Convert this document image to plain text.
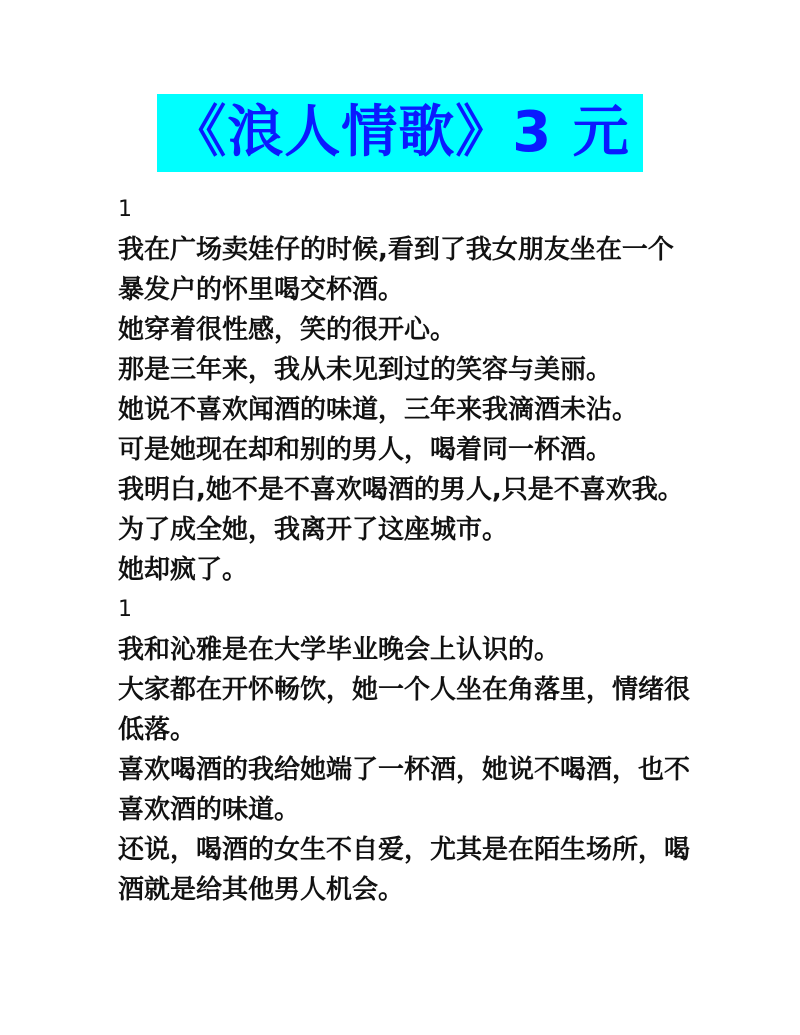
《浪人情歌》3 元
1
我在广场卖娃仔的时候,看到了我女朋友坐在一个
暴发户的怀里喝交杯酒。
她穿着很性感，笑的很开心。
那是三年来，我从未见到过的笑容与美丽。
她说不喜欢闻酒的味道，三年来我滴酒未沾。
可是她现在却和别的男人，喝着同一杯酒。
我明白,她不是不喜欢喝酒的男人,只是不喜欢我。
为了成全她，我离开了这座城市。
她却疯了。
1
我和沁雅是在大学毕业晚会上认识的。
大家都在开怀畅饮，她一个人坐在角落里，情绪很
低落。
喜欢喝酒的我给她端了一杯酒，她说不喝酒，也不
喜欢酒的味道。
还说，喝酒的女生不自爱，尤其是在陌生场所，喝
酒就是给其他男人机会。
